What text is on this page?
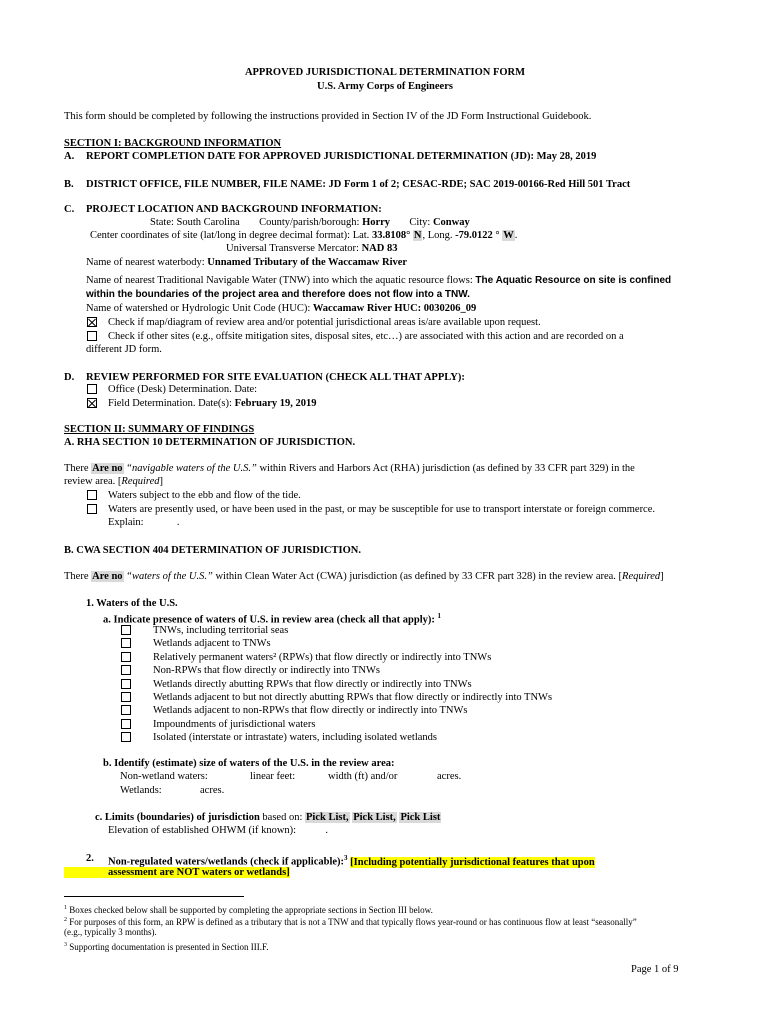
APPROVED JURISDICTIONAL DETERMINATION FORM
U.S. Army Corps of Engineers
This form should be completed by following the instructions provided in Section IV of the JD Form Instructional Guidebook.
SECTION I: BACKGROUND INFORMATION
A. REPORT COMPLETION DATE FOR APPROVED JURISDICTIONAL DETERMINATION (JD): May 28, 2019
B. DISTRICT OFFICE, FILE NUMBER, FILE NAME: JD Form 1 of 2; CESAC-RDE; SAC 2019-00166-Red Hill 501 Tract
C. PROJECT LOCATION AND BACKGROUND INFORMATION:
State: South Carolina County/parish/borough: Horry City: Conway
Center coordinates of site (lat/long in degree decimal format): Lat. 33.8108° N, Long. -79.0122 ° W.
Universal Transverse Mercator: NAD 83
Name of nearest waterbody: Unnamed Tributary of the Waccamaw River
Name of nearest Traditional Navigable Water (TNW) into which the aquatic resource flows: The Aquatic Resource on site is confined
within the boundaries of the project area and therefore does not flow into a TNW.
Name of watershed or Hydrologic Unit Code (HUC): Waccamaw River HUC: 0030206_09
Check if map/diagram of review area and/or potential jurisdictional areas is/are available upon request.
Check if other sites (e.g., offsite mitigation sites, disposal sites, etc…) are associated with this action and are recorded on a
different JD form.
D. REVIEW PERFORMED FOR SITE EVALUATION (CHECK ALL THAT APPLY):
Office (Desk) Determination. Date:
Field Determination. Date(s): February 19, 2019
SECTION II: SUMMARY OF FINDINGS
A. RHA SECTION 10 DETERMINATION OF JURISDICTION.
There Are no “navigable waters of the U.S.” within Rivers and Harbors Act (RHA) jurisdiction (as defined by 33 CFR part 329) in the
review area. [Required]
Waters subject to the ebb and flow of the tide.
Waters are presently used, or have been used in the past, or may be susceptible for use to transport interstate or foreign commerce.
Explain:	.
B. CWA SECTION 404 DETERMINATION OF JURISDICTION.
There Are no “waters of the U.S.” within Clean Water Act (CWA) jurisdiction (as defined by 33 CFR part 328) in the review area. [Required]
1. Waters of the U.S.
a. Indicate presence of waters of U.S. in review area (check all that apply): $^1$
TNWs, including territorial seas
Wetlands adjacent to TNWs
Relatively permanent waters² (RPWs) that flow directly or indirectly into TNWs
Non-RPWs that flow directly or indirectly into TNWs
Wetlands directly abutting RPWs that flow directly or indirectly into TNWs
Wetlands adjacent to but not directly abutting RPWs that flow directly or indirectly into TNWs
Wetlands adjacent to non-RPWs that flow directly or indirectly into TNWs
Impoundments of jurisdictional waters
Isolated (interstate or intrastate) waters, including isolated wetlands
b. Identify (estimate) size of waters of the U.S. in the review area:
Non-wetland waters:	linear feet:	width (ft) and/or	acres.
Wetlands:	acres.
c. Limits (boundaries) of jurisdiction based on: Pick List, Pick List, Pick List
Elevation of established OHWM (if known):	.
2. Non-regulated waters/wetlands (check if applicable):$^3$ [Including potentially jurisdictional features that upon
assessment are NOT waters or wetlands]
$^1$ Boxes checked below shall be supported by completing the appropriate sections in Section III below.
$^2$ For purposes of this form, an RPW is defined as a tributary that is not a TNW and that typically flows year-round or has continuous flow at least “seasonally”
(e.g., typically 3 months).
$^3$ Supporting documentation is presented in Section III.F.
Page 1 of 9
